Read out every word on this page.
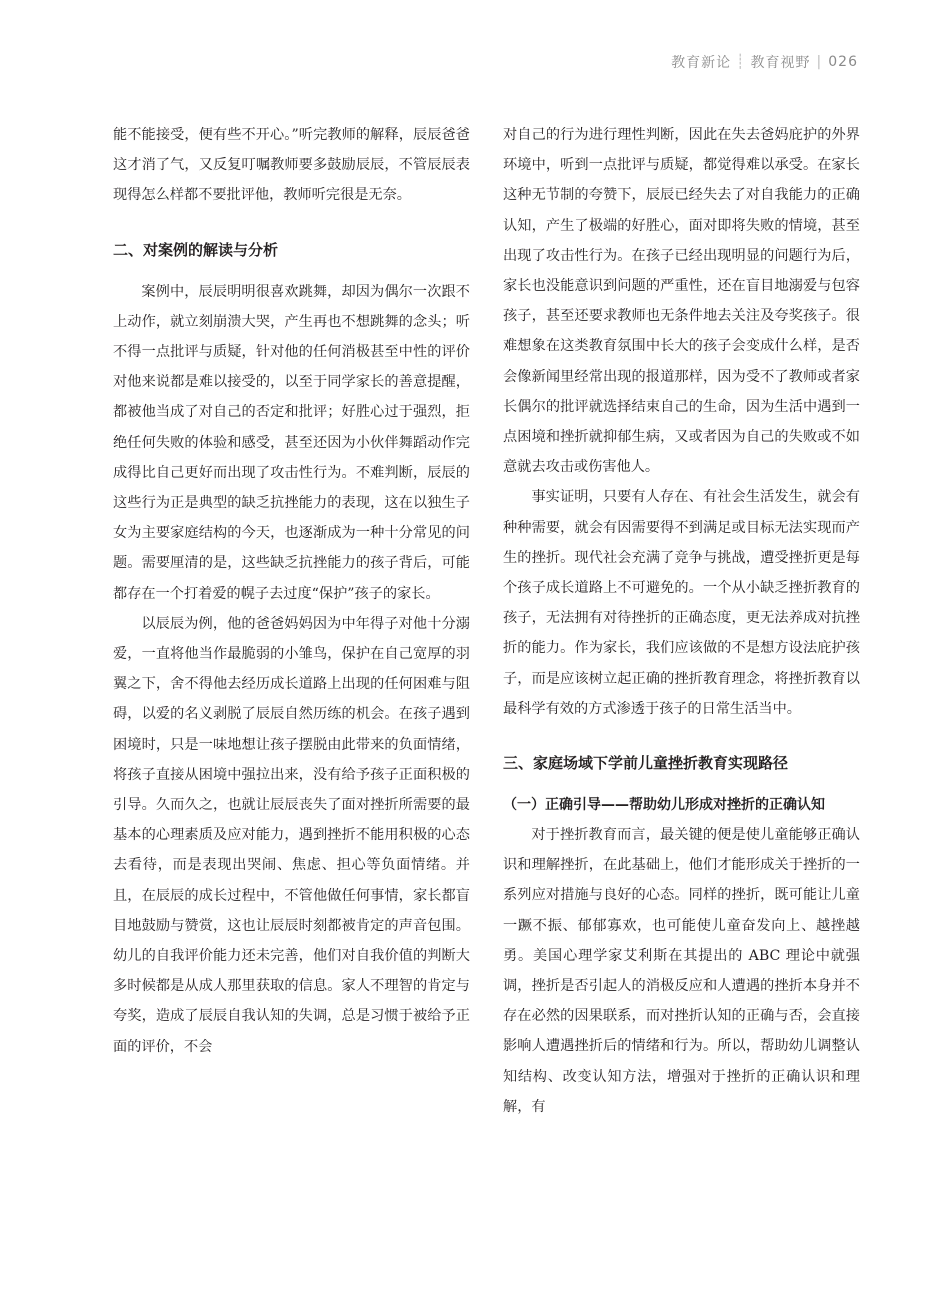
教育新论 ┊ 教育视野 | 026

能不能接受，便有些不开心。”听完教师的解释，辰辰爸爸这才消了气，又反复叮嘱教师要多鼓励辰辰，不管辰辰表现得怎么样都不要批评他，教师听完很是无奈。

二、对案例的解读与分析

案例中，辰辰明明很喜欢跳舞，却因为偶尔一次跟不上动作，就立刻崩溃大哭，产生再也不想跳舞的念头；听不得一点批评与质疑，针对他的任何消极甚至中性的评价对他来说都是难以接受的，以至于同学家长的善意提醒，都被他当成了对自己的否定和批评；好胜心过于强烈，拒绝任何失败的体验和感受，甚至还因为小伙伴舞蹈动作完成得比自己更好而出现了攻击性行为。不难判断，辰辰的这些行为正是典型的缺乏抗挫能力的表现，这在以独生子女为主要家庭结构的今天，也逐渐成为一种十分常见的问题。需要厘清的是，这些缺乏抗挫能力的孩子背后，可能都存在一个打着爱的幌子去过度“保护”孩子的家长。

以辰辰为例，他的爸爸妈妈因为中年得子对他十分溺爱，一直将他当作最脆弱的小雏鸟，保护在自己宽厚的羽翼之下，舍不得他去经历成长道路上出现的任何困难与阻碍，以爱的名义剥脱了辰辰自然历练的机会。在孩子遇到困境时，只是一味地想让孩子摆脱由此带来的负面情绪，将孩子直接从困境中强拉出来，没有给予孩子正面积极的引导。久而久之，也就让辰辰丧失了面对挫折所需要的最基本的心理素质及应对能力，遇到挫折不能用积极的心态去看待，而是表现出哭闹、焦虑、担心等负面情绪。并且，在辰辰的成长过程中，不管他做任何事情，家长都盲目地鼓励与赞赏，这也让辰辰时刻都被肯定的声音包围。幼儿的自我评价能力还未完善，他们对自我价值的判断大多时候都是从成人那里获取的信息。家人不理智的肯定与夸奖，造成了辰辰自我认知的失调，总是习惯于被给予正面的评价，不会

对自己的行为进行理性判断，因此在失去爸妈庇护的外界环境中，听到一点批评与质疑，都觉得难以承受。在家长这种无节制的夸赞下，辰辰已经失去了对自我能力的正确认知，产生了极端的好胜心，面对即将失败的情境，甚至出现了攻击性行为。在孩子已经出现明显的问题行为后，家长也没能意识到问题的严重性，还在盲目地溺爱与包容孩子，甚至还要求教师也无条件地去关注及夸奖孩子。很难想象在这类教育氛围中长大的孩子会变成什么样，是否会像新闻里经常出现的报道那样，因为受不了教师或者家长偶尔的批评就选择结束自己的生命，因为生活中遇到一点困境和挫折就抑郁生病，又或者因为自己的失败或不如意就去攻击或伤害他人。

事实证明，只要有人存在、有社会生活发生，就会有种种需要，就会有因需要得不到满足或目标无法实现而产生的挫折。现代社会充满了竞争与挑战，遭受挫折更是每个孩子成长道路上不可避免的。一个从小缺乏挫折教育的孩子，无法拥有对待挫折的正确态度，更无法养成对抗挫折的能力。作为家长，我们应该做的不是想方设法庇护孩子，而是应该树立起正确的挫折教育理念，将挫折教育以最科学有效的方式渗透于孩子的日常生活当中。

三、家庭场域下学前儿童挫折教育实现路径
（一）正确引导——帮助幼儿形成对挫折的正确认知

对于挫折教育而言，最关键的便是使儿童能够正确认识和理解挫折，在此基础上，他们才能形成关于挫折的一系列应对措施与良好的心态。同样的挫折，既可能让儿童一蹶不振、郁郁寡欢，也可能使儿童奋发向上、越挫越勇。美国心理学家艾利斯在其提出的 ABC 理论中就强调，挫折是否引起人的消极反应和人遭遇的挫折本身并不存在必然的因果联系，而对挫折认知的正确与否，会直接影响人遭遇挫折后的情绪和行为。所以，帮助幼儿调整认知结构、改变认知方法，增强对于挫折的正确认识和理解，有
